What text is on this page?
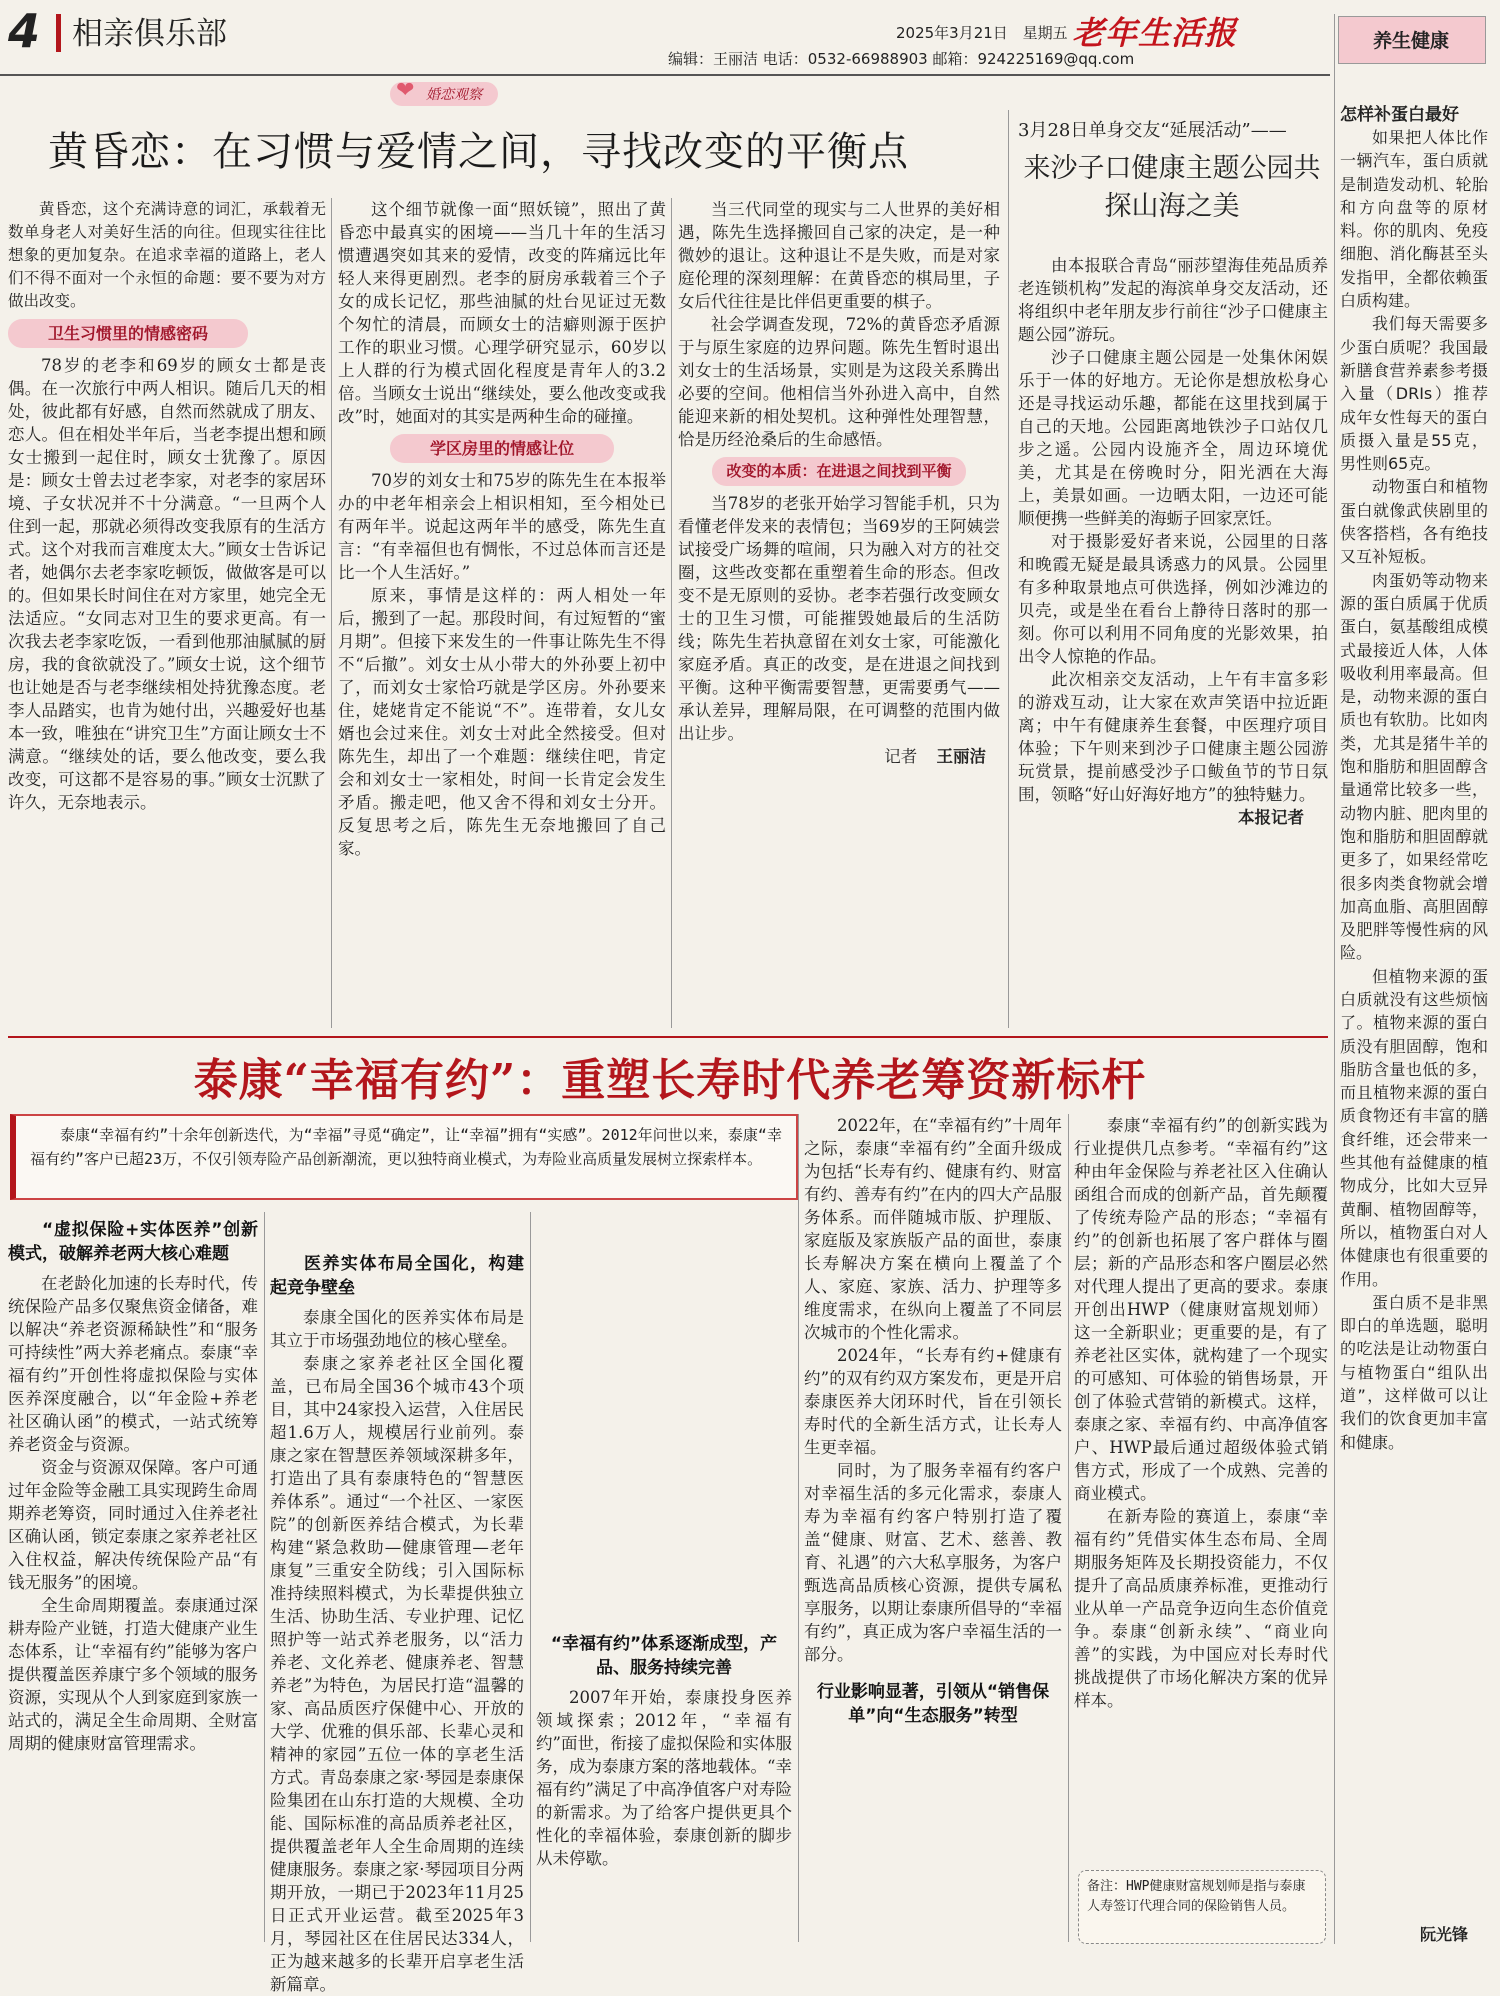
4 相亲俱乐部	2025年3月21日 星期五 老年生活报
编辑：王丽洁 电话：0532-66988903 邮箱：924225169@qq.com
养生健康
❤ 婚恋观察
黄昏恋：在习惯与爱情之间，寻找改变的平衡点

黄昏恋，这个充满诗意的词汇，承载着无数单身老人对美好生活的向往。但现实往往比想象的更加复杂。在追求幸福的道路上，老人们不得不面对一个永恒的命题：要不要为对方做出改变。

卫生习惯里的情感密码

78岁的老李和69岁的顾女士都是丧偶。在一次旅行中两人相识。随后几天的相处，彼此都有好感，自然而然就成了朋友、恋人。但在相处半年后，当老李提出想和顾女士搬到一起住时，顾女士犹豫了。原因是：顾女士曾去过老李家，对老李的家居环境、子女状况并不十分满意。“一旦两个人住到一起，那就必须得改变我原有的生活方式。这个对我而言难度太大。”顾女士告诉记者，她偶尔去老李家吃顿饭，做做客是可以的。但如果长时间住在对方家里，她完全无法适应。“女同志对卫生的要求更高。有一次我去老李家吃饭，一看到他那油腻腻的厨房，我的食欲就没了。”顾女士说，这个细节也让她是否与老李继续相处持犹豫态度。老李人品踏实，也肯为她付出，兴趣爱好也基本一致，唯独在“讲究卫生”方面让顾女士不满意。“继续处的话，要么他改变，要么我改变，可这都不是容易的事。”顾女士沉默了许久，无奈地表示。

这个细节就像一面“照妖镜”，照出了黄昏恋中最真实的困境——当几十年的生活习惯遭遇突如其来的爱情，改变的阵痛远比年轻人来得更剧烈。老李的厨房承载着三个子女的成长记忆，那些油腻的灶台见证过无数个匆忙的清晨，而顾女士的洁癖则源于医护工作的职业习惯。心理学研究显示，60岁以上人群的行为模式固化程度是青年人的3.2倍。当顾女士说出“继续处，要么他改变或我改”时，她面对的其实是两种生命的碰撞。

学区房里的情感让位

70岁的刘女士和75岁的陈先生在本报举办的中老年相亲会上相识相知，至今相处已有两年半。说起这两年半的感受，陈先生直言：“有幸福但也有惆怅，不过总体而言还是比一个人生活好。”

原来，事情是这样的：两人相处一年后，搬到了一起。那段时间，有过短暂的“蜜月期”。但接下来发生的一件事让陈先生不得不“后撤”。刘女士从小带大的外孙要上初中了，而刘女士家恰巧就是学区房。外孙要来住，姥姥肯定不能说“不”。连带着，女儿女婿也会过来住。刘女士对此全然接受。但对陈先生，却出了一个难题：继续住吧，肯定会和刘女士一家相处，时间一长肯定会发生矛盾。搬走吧，他又舍不得和刘女士分开。反复思考之后，陈先生无奈地搬回了自己家。

当三代同堂的现实与二人世界的美好相遇，陈先生选择搬回自己家的决定，是一种微妙的退让。这种退让不是失败，而是对家庭伦理的深刻理解：在黄昏恋的棋局里，子女后代往往是比伴侣更重要的棋子。

社会学调查发现，72%的黄昏恋矛盾源于与原生家庭的边界问题。陈先生暂时退出刘女士的生活场景，实则是为这段关系腾出必要的空间。他相信当外孙进入高中，自然能迎来新的相处契机。这种弹性处理智慧，恰是历经沧桑后的生命感悟。

改变的本质：在进退之间找到平衡

当78岁的老张开始学习智能手机，只为看懂老伴发来的表情包；当69岁的王阿姨尝试接受广场舞的喧闹，只为融入对方的社交圈，这些改变都在重塑着生命的形态。但改变不是无原则的妥协。老李若强行改变顾女士的卫生习惯，可能摧毁她最后的生活防线；陈先生若执意留在刘女士家，可能激化家庭矛盾。真正的改变，是在进退之间找到平衡。这种平衡需要智慧，更需要勇气——承认差异，理解局限，在可调整的范围内做出让步。

记者 王丽洁
3月28日单身交友“延展活动”——
来沙子口健康主题公园共探山海之美

由本报联合青岛“丽莎望海佳苑品质养老连锁机构”发起的海滨单身交友活动，还将组织中老年朋友步行前往“沙子口健康主题公园”游玩。

沙子口健康主题公园是一处集休闲娱乐于一体的好地方。无论你是想放松身心还是寻找运动乐趣，都能在这里找到属于自己的天地。公园距离地铁沙子口站仅几步之遥。公园内设施齐全，周边环境优美，尤其是在傍晚时分，阳光洒在大海上，美景如画。一边晒太阳，一边还可能顺便携一些鲜美的海蛎子回家烹饪。

对于摄影爱好者来说，公园里的日落和晚霞无疑是最具诱惑力的风景。公园里有多种取景地点可供选择，例如沙滩边的贝壳，或是坐在看台上静待日落时的那一刻。你可以利用不同角度的光影效果，拍出令人惊艳的作品。

此次相亲交友活动，上午有丰富多彩的游戏互动，让大家在欢声笑语中拉近距离；中午有健康养生套餐，中医理疗项目体验；下午则来到沙子口健康主题公园游玩赏景，提前感受沙子口鲅鱼节的节日氛围，领略“好山好海好地方”的独特魅力。

本报记者
怎样补蛋白最好

如果把人体比作一辆汽车，蛋白质就是制造发动机、轮胎和方向盘等的原材料。你的肌肉、免疫细胞、消化酶甚至头发指甲，全都依赖蛋白质构建。

我们每天需要多少蛋白质呢？我国最新膳食营养素参考摄入量（DRIs）推荐成年女性每天的蛋白质摄入量是55克，男性则65克。

动物蛋白和植物蛋白就像武侠剧里的侠客搭档，各有绝技又互补短板。

肉蛋奶等动物来源的蛋白质属于优质蛋白，氨基酸组成模式最接近人体，人体吸收利用率最高。但是，动物来源的蛋白质也有软肋。比如肉类，尤其是猪牛羊的饱和脂肪和胆固醇含量通常比较多一些，动物内脏、肥肉里的饱和脂肪和胆固醇就更多了，如果经常吃很多肉类食物就会增加高血脂、高胆固醇及肥胖等慢性病的风险。

但植物来源的蛋白质就没有这些烦恼了。植物来源的蛋白质没有胆固醇，饱和脂肪含量也低的多，而且植物来源的蛋白质食物还有丰富的膳食纤维，还会带来一些其他有益健康的植物成分，比如大豆异黄酮、植物固醇等，所以，植物蛋白对人体健康也有很重要的作用。

蛋白质不是非黑即白的单选题，聪明的吃法是让动物蛋白与植物蛋白“组队出道”，这样做可以让我们的饮食更加丰富和健康。

阮光锋
泰康“幸福有约”：重塑长寿时代养老筹资新标杆
泰康“幸福有约”十余年创新迭代，为“幸福”寻觅“确定”，让“幸福”拥有“实感”。2012年问世以来，泰康“幸福有约”客户已超23万，不仅引领寿险产品创新潮流，更以独特商业模式，为寿险业高质量发展树立探索样本。
“虚拟保险+实体医养”创新模式，破解养老两大核心难题

在老龄化加速的长寿时代，传统保险产品多仅聚焦资金储备，难以解决“养老资源稀缺性”和“服务可持续性”两大养老痛点。泰康“幸福有约”开创性将虚拟保险与实体医养深度融合，以“年金险+养老社区确认函”的模式，一站式统筹养老资金与资源。

资金与资源双保障。客户可通过年金险等金融工具实现跨生命周期养老筹资，同时通过入住养老社区确认函，锁定泰康之家养老社区入住权益，解决传统保险产品“有钱无服务”的困境。

全生命周期覆盖。泰康通过深耕寿险产业链，打造大健康产业生态体系，让“幸福有约”能够为客户提供覆盖医养康宁多个领域的服务资源，实现从个人到家庭到家族一站式的，满足全生命周期、全财富周期的健康财富管理需求。

医养实体布局全国化，构建起竞争壁垒

泰康全国化的医养实体布局是其立于市场强劲地位的核心壁垒。

泰康之家养老社区全国化覆盖，已布局全国36个城市43个项目，其中24家投入运营，入住居民超1.6万人，规模居行业前列。泰康之家在智慧医养领域深耕多年，打造出了具有泰康特色的“智慧医养体系”。通过“一个社区、一家医院”的创新医养结合模式，为长辈构建“紧急救助—健康管理—老年康复”三重安全防线；引入国际标准持续照料模式，为长辈提供独立生活、协助生活、专业护理、记忆照护等一站式养老服务，以“活力养老、文化养老、健康养老、智慧养老”为特色，为居民打造“温馨的家、高品质医疗保健中心、开放的大学、优雅的俱乐部、长辈心灵和精神的家园”五位一体的享老生活方式。青岛泰康之家·琴园是泰康保险集团在山东打造的大规模、全功能、国际标准的高品质养老社区，提供覆盖老年人全生命周期的连续健康服务。泰康之家·琴园项目分两期开放，一期已于2023年11月25日正式开业运营。截至2025年3月，琴园社区在住居民达334人，正为越来越多的长辈开启享老生活新篇章。

“幸福有约”体系逐渐成型，产品、服务持续完善

2007年开始，泰康投身医养领域探索；2012年，“幸福有约”面世，衔接了虚拟保险和实体服务，成为泰康方案的落地载体。“幸福有约”满足了中高净值客户对寿险的新需求。为了给客户提供更具个性化的幸福体验，泰康创新的脚步从未停歇。

2022年，在“幸福有约”十周年之际，泰康“幸福有约”全面升级成为包括“长寿有约、健康有约、财富有约、善寿有约”在内的四大产品服务体系。而伴随城市版、护理版、家庭版及家族版产品的面世，泰康长寿解决方案在横向上覆盖了个人、家庭、家族、活力、护理等多维度需求，在纵向上覆盖了不同层次城市的个性化需求。

2024年，“长寿有约+健康有约”的双有约双方案发布，更是开启泰康医养大闭环时代，旨在引领长寿时代的全新生活方式，让长寿人生更幸福。

同时，为了服务幸福有约客户对幸福生活的多元化需求，泰康人寿为幸福有约客户特别打造了覆盖“健康、财富、艺术、慈善、教育、礼遇”的六大私享服务，为客户甄选高品质核心资源，提供专属私享服务，以期让泰康所倡导的“幸福有约”，真正成为客户幸福生活的一部分。

行业影响显著，引领从“销售保单”向“生态服务”转型

泰康“幸福有约”的创新实践为行业提供几点参考。“幸福有约”这种由年金保险与养老社区入住确认函组合而成的创新产品，首先颠覆了传统寿险产品的形态；“幸福有约”的创新也拓展了客户群体与圈层；新的产品形态和客户圈层必然对代理人提出了更高的要求。泰康开创出HWP（健康财富规划师）这一全新职业；更重要的是，有了养老社区实体，就构建了一个现实的可感知、可体验的销售场景，开创了体验式营销的新模式。这样，泰康之家、幸福有约、中高净值客户、HWP最后通过超级体验式销售方式，形成了一个成熟、完善的商业模式。

在新寿险的赛道上，泰康“幸福有约”凭借实体生态布局、全周期服务矩阵及长期投资能力，不仅提升了高品质康养标准，更推动行业从单一产品竞争迈向生态价值竞争。泰康“创新永续”、“商业向善”的实践，为中国应对长寿时代挑战提供了市场化解决方案的优异样本。

备注：HWP健康财富规划师是指与泰康人寿签订代理合同的保险销售人员。
